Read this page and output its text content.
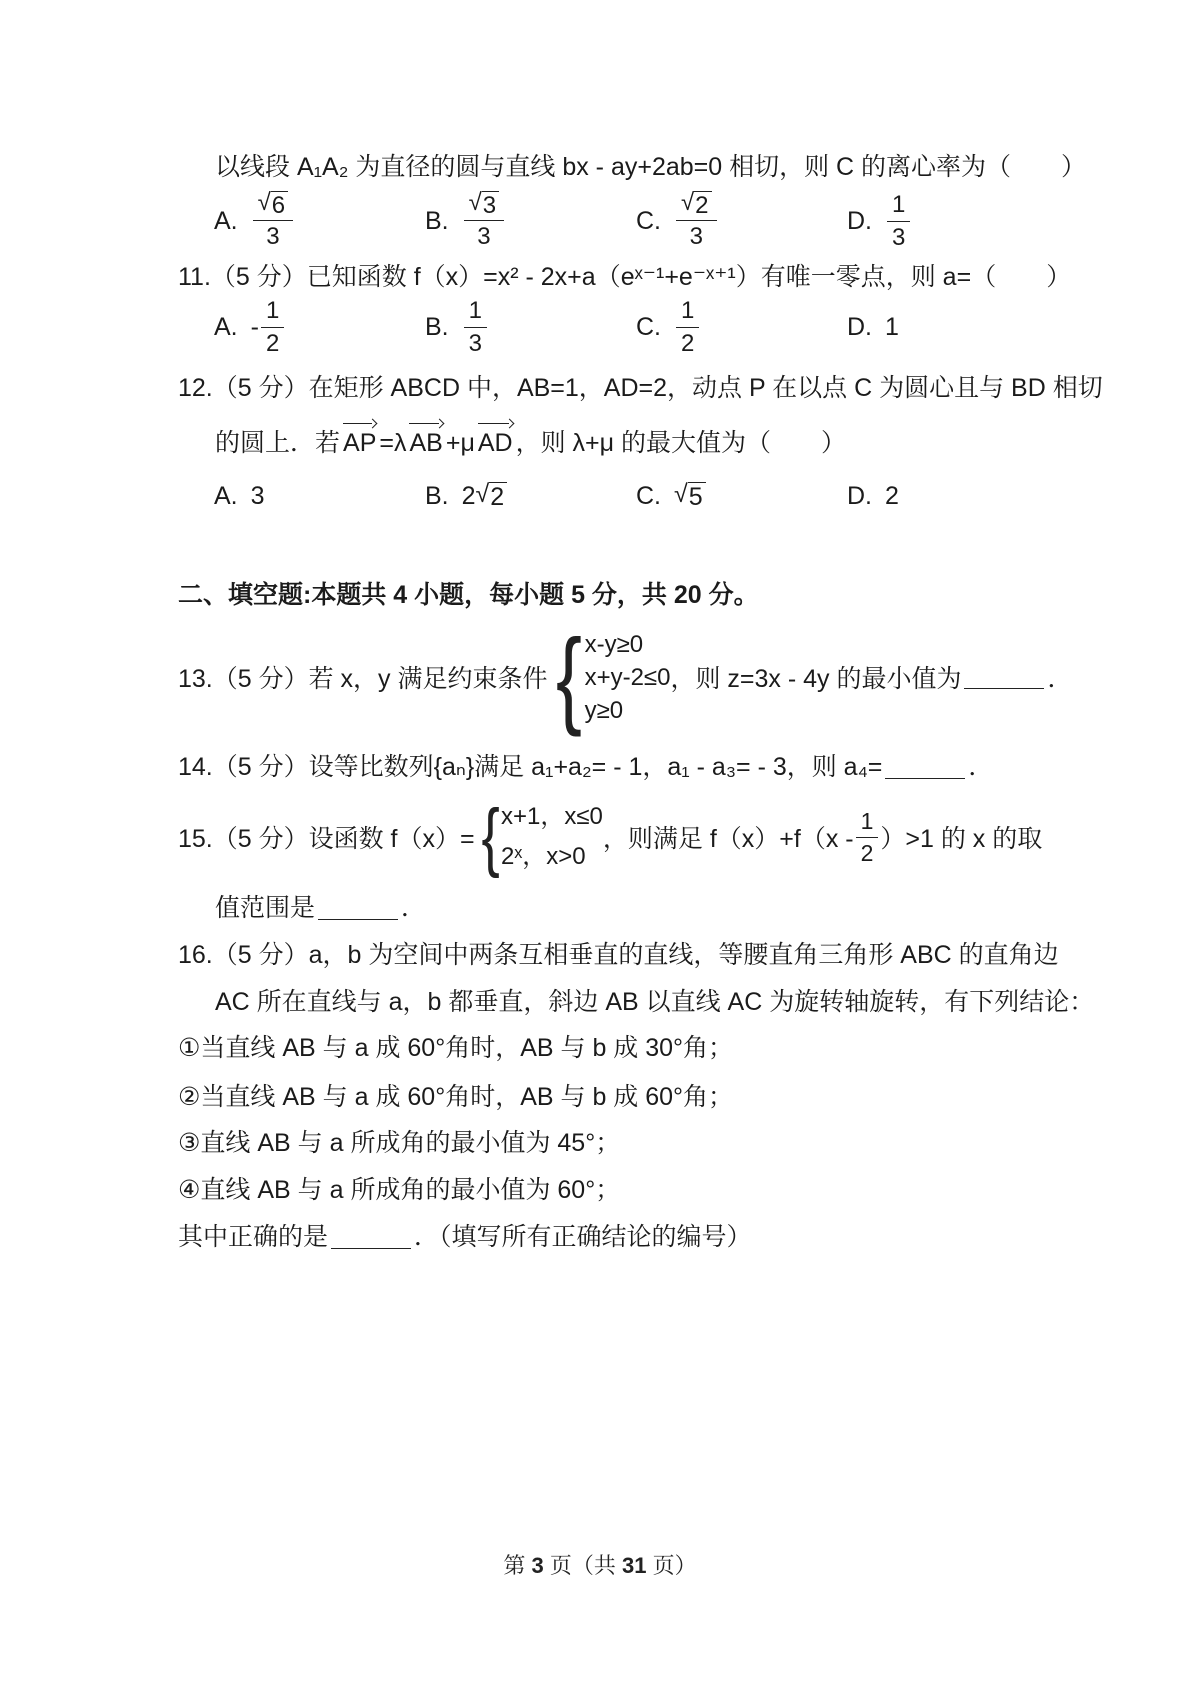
以线段 A₁A₂ 为直径的圆与直线 bx - ay+2ab=0 相切，则 C 的离心率为（　　）
A. $\frac{√ 6}{3}$	B. $\frac{√ 3}{3}$	C. $\frac{√ 2}{3}$	D. $\frac{1}{3}$
11.（5 分）已知函数 f（x）=x² - 2x+a（eˣ⁻¹+e⁻ˣ⁺¹）有唯一零点，则 a=（　　）
A. - $\frac{1}{2}$	B. $\frac{1}{3}$	C. $\frac{1}{2}$	D. 1
12.（5 分）在矩形 ABCD 中，AB=1，AD=2，动点 P 在以点 C 为圆心且与 BD 相切
的圆上．若 AP =λ AB +μ AD ，则 λ+μ 的最大值为（　　）
A. 3	B. 2 √ 2	C. √ 5	D. 2
二、填空题:本题共 4 小题，每小题 5 分，共 20 分。
13.（5 分）若 x，y 满足约束条件 { x-y≥0
x+y-2≤0
y≥0
，则 z=3x - 4y 的最小值为	．
14.（5 分）设等比数列{aₙ}满足 a₁+a₂= - 1，a₁ - a₃= - 3，则 a₄=	．
15.（5 分）设函数 f（x）= { x+1，x≤0
2ˣ，x>0
，则满足 $f(x)+f(x - \frac{1}{2} )>1$ 的 x 的取
值范围是	．
16.（5 分）a，b 为空间中两条互相垂直的直线，等腰直角三角形 ABC 的直角边
AC 所在直线与 a，b 都垂直，斜边 AB 以直线 AC 为旋转轴旋转，有下列结论：
①当直线 AB 与 a 成 60°角时，AB 与 b 成 30°角；
②当直线 AB 与 a 成 60°角时，AB 与 b 成 60°角；
③直线 AB 与 a 所成角的最小值为 45°；
④直线 AB 与 a 所成角的最小值为 60°；
其中正确的是	．（填写所有正确结论的编号）
第 3 页（共 31 页）
